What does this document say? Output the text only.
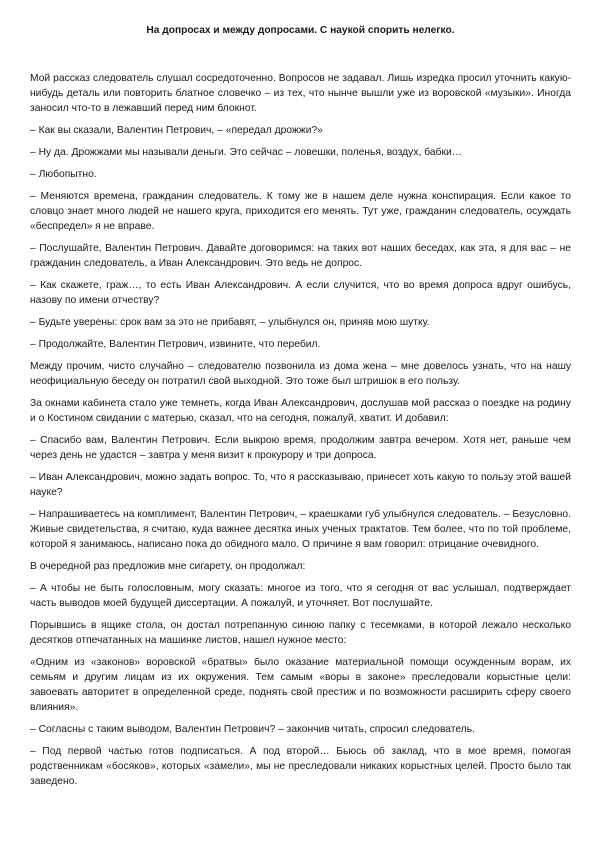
На допросах и между допросами. С наукой спорить нелегко.

Мой рассказ следователь слушал сосредоточенно. Вопросов не задавал. Лишь изредка просил уточнить какую-нибудь деталь или повторить блатное словечко – из тех, что нынче вышли уже из воровской «музыки». Иногда заносил что-то в лежавший перед ним блокнот.

– Как вы сказали, Валентин Петрович, – «передал дрожжи?»

– Ну да. Дрожжами мы называли деньги. Это сейчас – ловешки, поленья, воздух, бабки…

– Любопытно.

– Меняются времена, гражданин следователь. К тому же в нашем деле нужна конспирация. Если какое то словцо знает много людей не нашего круга, приходится его менять. Тут уже, гражданин следователь, осуждать «беспредел» я не вправе.

– Послушайте, Валентин Петрович. Давайте договоримся: на таких вот наших беседах, как эта, я для вас – не гражданин следователь, а Иван Александрович. Это ведь не допрос.

– Как скажете, граж…, то есть Иван Александрович. А если случится, что во время допроса вдруг ошибусь, назову по имени отчеству?

– Будьте уверены: срок вам за это не прибавят, – улыбнулся он, приняв мою шутку.

– Продолжайте, Валентин Петрович, извините, что перебил.

Между прочим, чисто случайно – следователю позвонила из дома жена – мне довелось узнать, что на нашу неофициальную беседу он потратил свой выходной. Это тоже был штришок в его пользу.

За окнами кабинета стало уже темнеть, когда Иван Александрович, дослушав мой рассказ о поездке на родину и о Костином свидании с матерью, сказал, что на сегодня, пожалуй, хватит. И добавил:

– Спасибо вам, Валентин Петрович. Если выкрою время, продолжим завтра вечером. Хотя нет, раньше чем через день не удастся – завтра у меня визит к прокурору и три допроса.

– Иван Александрович, можно задать вопрос. То, что я рассказываю, принесет хоть какую то пользу этой вашей науке?

– Напрашиваетесь на комплимент, Валентин Петрович, – краешками губ улыбнулся следователь. – Безусловно. Живые свидетельства, я считаю, куда важнее десятка иных ученых трактатов. Тем более, что по той проблеме, которой я занимаюсь, написано пока до обидного мало. О причине я вам говорил: отрицание очевидного.

В очередной раз предложив мне сигарету, он продолжал:

– А чтобы не быть голословным, могу сказать: многое из того, что я сегодня от вас услышал, подтверждает часть выводов моей будущей диссертации. А пожалуй, и уточняет. Вот послушайте.

Порывшись в ящике стола, он достал потрепанную синюю папку с тесемками, в которой лежало несколько десятков отпечатанных на машинке листов, нашел нужное место:

«Одним из «законов» воровской «братвы» было оказание материальной помощи осужденным ворам, их семьям и другим лицам из их окружения. Тем самым «воры в законе» преследовали корыстные цели: завоевать авторитет в определенной среде, поднять свой престиж и по возможности расширить сферу своего влияния».

– Согласны с таким выводом, Валентин Петрович? – закончив читать, спросил следователь.

– Под первой частью готов подписаться. А под второй… Бьюсь об заклад, что в мое время, помогая родственникам «босяков», которых «замели», мы не преследовали никаких корыстных целей. Просто было так заведено.
